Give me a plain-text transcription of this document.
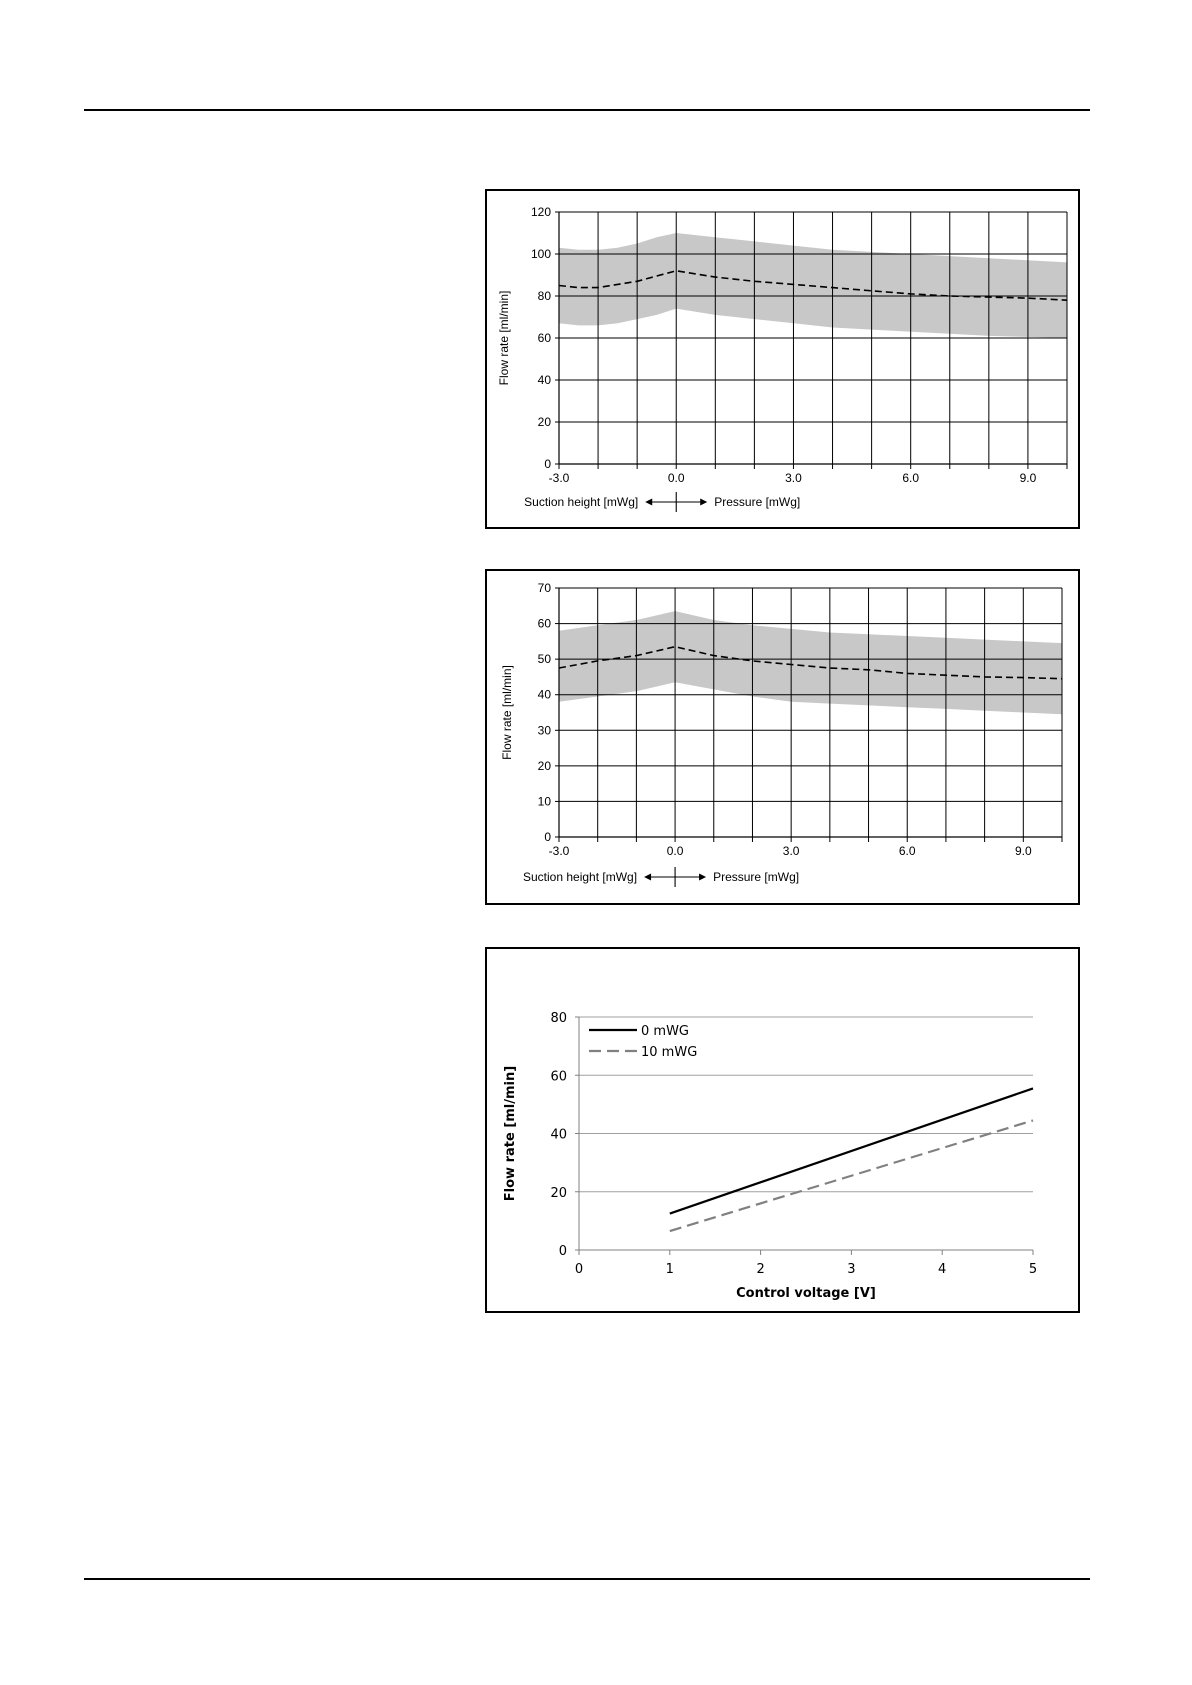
0
20
40
60
80
100
120
-3.0	0.0	3.0	6.0	9.0
Flow rate [ml/min]
Suction height [mWg]	Pressure [mWg]
0
10
20
30
40
50
60
70
-3.0	0.0	3.0	6.0	9.0
Flow rate [ml/min]
Suction height [mWg]	Pressure [mWg]
0
20
40
60
80
0	1	2	3	4	5
Control voltage [V]
Flow rate [ml/min]
0 mWG
10 mWG
